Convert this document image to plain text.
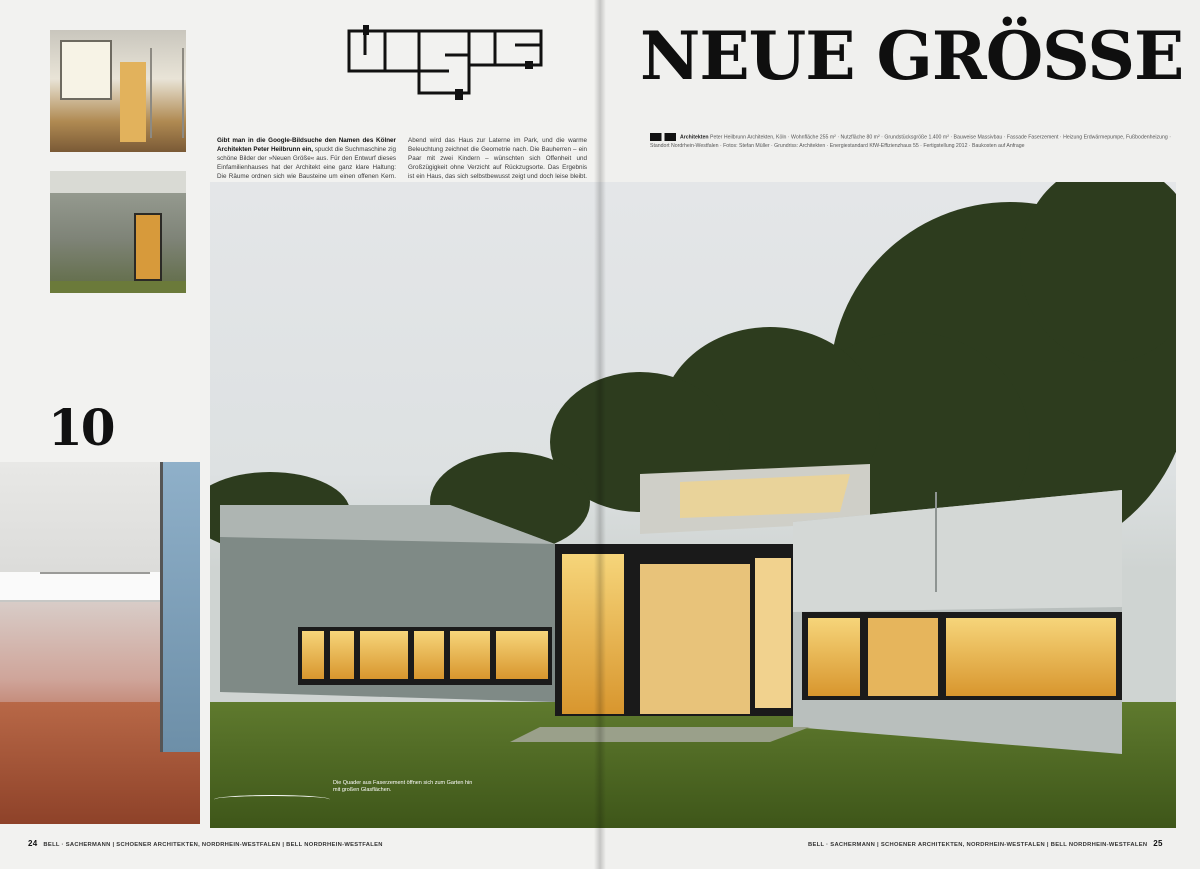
10
Gibt man in die Google-Bildsuche den Namen des Kölner Architekten Peter Heilbrunn ein, spuckt die Suchmaschine zig schöne Bilder der »Neuen Größe« aus. Für den Entwurf dieses Einfamilienhauses hat der Architekt eine ganz klare Haltung: Die Räume ordnen sich wie Bausteine um einen offenen Kern. Abend wird das Haus zur Laterne im Park, und die warme Beleuchtung zeichnet die Geometrie nach. Die Bauherren – ein Paar mit zwei Kindern – wünschten sich Offenheit und Großzügigkeit ohne Verzicht auf Rückzugsorte. Das Ergebnis ist ein Haus, das sich selbstbewusst zeigt und doch leise bleibt.
24 BELL · SACHERMANN | SCHOENER ARCHITEKTEN, NORDRHEIN-WESTFALEN | BELL NORDRHEIN-WESTFALEN	BELL · SACHERMANN | SCHOENER ARCHITEKTEN, NORDRHEIN-WESTFALEN | BELL NORDRHEIN-WESTFALEN 25
NEUE GRÖSSE
Architekten Peter Heilbrunn Architekten, Köln · Wohnfläche 255 m² · Nutzfläche 80 m² · Grundstücksgröße 1.400 m² · Bauweise Massivbau · Fassade Faserzement · Heizung Erdwärmepumpe, Fußbodenheizung · Standort Nordrhein-Westfalen · Fotos: Stefan Müller · Grundriss: Architekten · Energiestandard KfW-Effizienzhaus 55 · Fertigstellung 2012 · Baukosten auf Anfrage
Die Quader aus Faserzement öffnen sich zum Garten hin mit großen Glasflächen.
